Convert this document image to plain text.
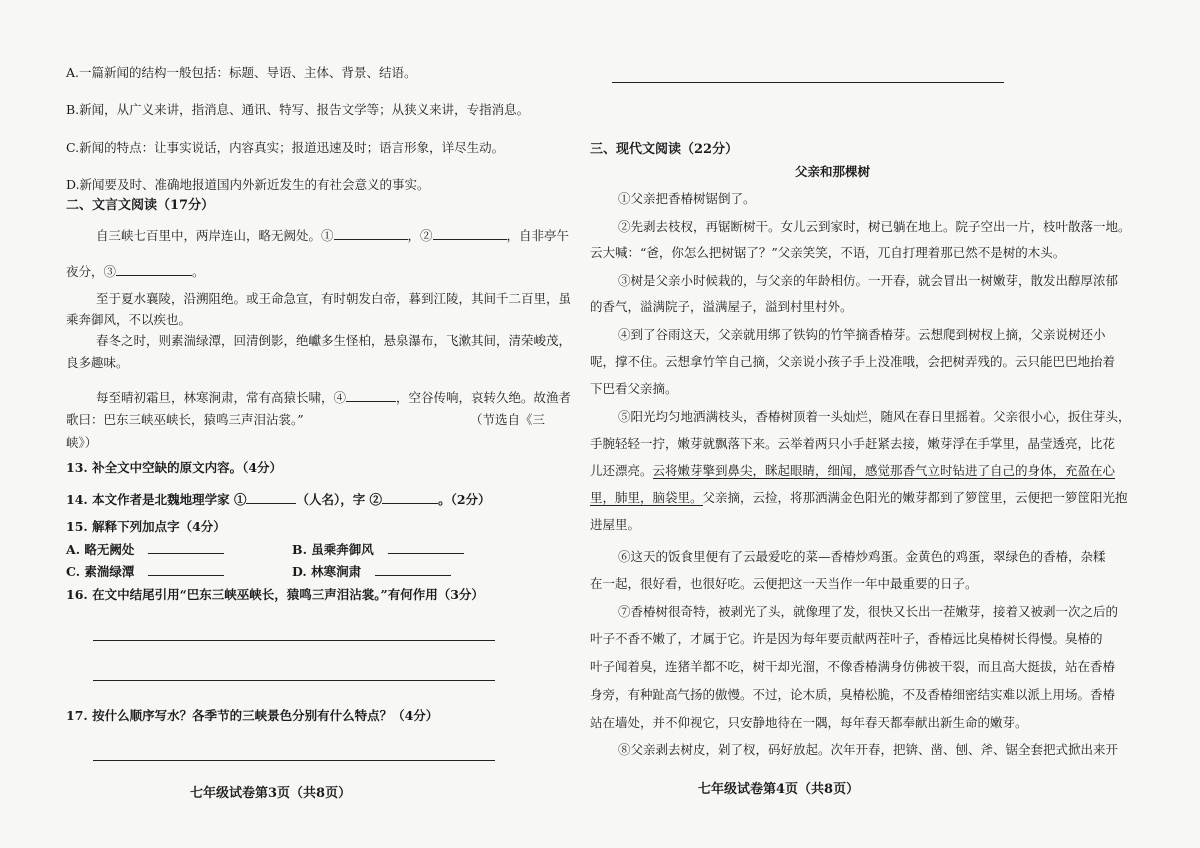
A.一篇新闻的结构一般包括：标题、导语、主体、背景、结语。
B.新闻，从广义来讲，指消息、通讯、特写、报告文学等；从狭义来讲，专指消息。
C.新闻的特点：让事实说话，内容真实；报道迅速及时；语言形象，详尽生动。
D.新闻要及时、准确地报道国内外新近发生的有社会意义的事实。
二、文言文阅读（17分）
自三峡七百里中，两岸连山，略无阙处。①	，②	，自非亭午
夜分，③	。
至于夏水襄陵，沿溯阻绝。或王命急宣，有时朝发白帝，暮到江陵，其间千二百里，虽
乘奔御风，不以疾也。
春冬之时，则素湍绿潭，回清倒影，绝巘多生怪柏，悬泉瀑布，飞漱其间，清荣峻茂，
良多趣味。
每至晴初霜旦，林寒涧肃，常有高猿长啸，④	，空谷传响，哀转久绝。故渔者
歌曰：巴东三峡巫峡长，猿鸣三声泪沾裳。”	（节选自《三
峡》）
13. 补全文中空缺的原文内容。（4分）
14. 本文作者是北魏地理学家 ①	（人名），字 ②	。（2分）
15. 解释下列加点字（4分）
A. 略无阙处	B. 虽乘奔御风
C. 素湍绿潭	D. 林寒涧肃
16. 在文中结尾引用“巴东三峡巫峡长，猿鸣三声泪沾裳。”有何作用（3分）
17. 按什么顺序写水？各季节的三峡景色分别有什么特点？（4分）
七年级试卷第3页（共8页）
三、现代文阅读（22分）
父亲和那棵树
①父亲把香椿树锯倒了。
②先剥去枝杈，再锯断树干。女儿云到家时，树已躺在地上。院子空出一片，枝叶散落一地。
云大喊：“爸，你怎么把树锯了？”父亲笑笑，不语，兀自打理着那已然不是树的木头。
③树是父亲小时候栽的，与父亲的年龄相仿。一开春，就会冒出一树嫩芽，散发出醇厚浓郁
的香气，溢满院子，溢满屋子，溢到村里村外。
④到了谷雨这天，父亲就用绑了铁钩的竹竿摘香椿芽。云想爬到树杈上摘，父亲说树还小
呢，撑不住。云想拿竹竿自己摘，父亲说小孩子手上没准哦，会把树弄残的。云只能巴巴地抬着
下巴看父亲摘。
⑤阳光均匀地洒满枝头，香椿树顶着一头灿烂，随风在春日里摇着。父亲很小心，扳住芽头，
手腕轻轻一拧，嫩芽就飘落下来。云举着两只小手赶紧去接，嫩芽浮在手掌里，晶莹透亮，比花
儿还漂亮。云将嫩芽擎到鼻尖，眯起眼睛，细闻，感觉那香气立时钻进了自己的身体，充盈在心
里，肺里，脑袋里。父亲摘，云捡，将那洒满金色阳光的嫩芽都到了箩筐里，云便把一箩筐阳光抱
进屋里。
⑥这天的饭食里便有了云最爱吃的菜—香椿炒鸡蛋。金黄色的鸡蛋，翠绿色的香椿，杂糅
在一起，很好看，也很好吃。云便把这一天当作一年中最重要的日子。
⑦香椿树很奇特，被剥光了头，就像理了发，很快又长出一茬嫩芽，接着又被剥一次之后的
叶子不香不嫩了，才属于它。许是因为每年要贡献两茬叶子，香椿远比臭椿树长得慢。臭椿的
叶子闻着臭，连猪羊都不吃，树干却光溜，不像香椿满身仿佛被干裂，而且高大挺拔，站在香椿
身旁，有种趾高气扬的傲慢。不过，论木质，臭椿松脆，不及香椿细密结实难以派上用场。香椿
站在墙处，并不仰视它，只安静地待在一隅，每年春天都奉献出新生命的嫩芽。
⑧父亲剥去树皮，剁了杈，码好放起。次年开春，把锛、凿、刨、斧、锯全套把式掀出来开
七年级试卷第4页（共8页）
